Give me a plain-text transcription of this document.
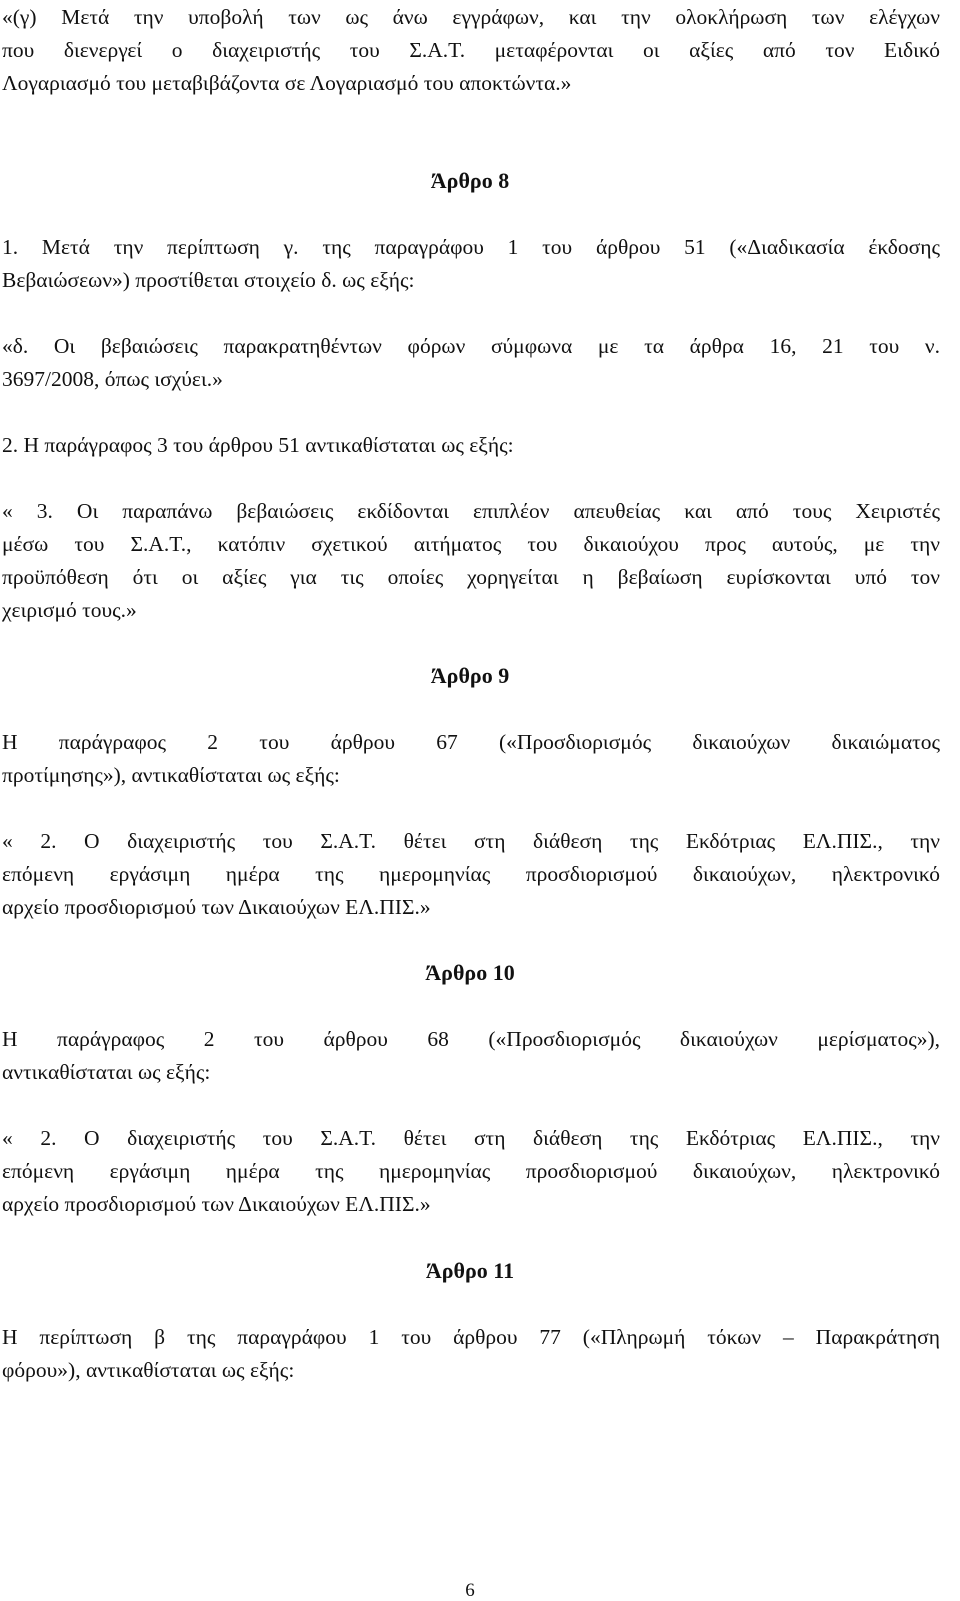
«(γ) Μετά την υποβολή των ως άνω εγγράφων, και την ολοκλήρωση των ελέγχων

που διενεργεί ο διαχειριστής του Σ.Α.Τ. μεταφέρονται οι αξίες από τον Ειδικό

Λογαριασμό του μεταβιβάζοντα σε Λογαριασμό του αποκτώντα.»

Άρθρο 8

1. Μετά την περίπτωση γ. της παραγράφου 1 του άρθρου 51 («Διαδικασία έκδοσης

Βεβαιώσεων») προστίθεται στοιχείο δ. ως εξής:

«δ. Οι βεβαιώσεις παρακρατηθέντων φόρων σύμφωνα με τα άρθρα 16, 21 του ν.

3697/2008, όπως ισχύει.»

2. Η παράγραφος 3 του άρθρου 51 αντικαθίσταται ως εξής:

« 3. Οι παραπάνω βεβαιώσεις εκδίδονται επιπλέον απευθείας και από τους Χειριστές

μέσω του Σ.Α.Τ., κατόπιν σχετικού αιτήματος του δικαιούχου προς αυτούς, με την

προϋπόθεση ότι οι αξίες για τις οποίες χορηγείται η βεβαίωση ευρίσκονται υπό τον

χειρισμό τους.»

Άρθρο 9

Η παράγραφος 2 του άρθρου 67 («Προσδιορισμός δικαιούχων δικαιώματος

προτίμησης»), αντικαθίσταται ως εξής:

« 2. Ο διαχειριστής του Σ.Α.Τ. θέτει στη διάθεση της Εκδότριας ΕΛ.ΠΙΣ., την

επόμενη εργάσιμη ημέρα της ημερομηνίας προσδιορισμού δικαιούχων, ηλεκτρονικό

αρχείο προσδιορισμού των Δικαιούχων ΕΛ.ΠΙΣ.»

Άρθρο 10

Η παράγραφος 2 του άρθρου 68 («Προσδιορισμός δικαιούχων μερίσματος»),

αντικαθίσταται ως εξής:

« 2. Ο διαχειριστής του Σ.Α.Τ. θέτει στη διάθεση της Εκδότριας ΕΛ.ΠΙΣ., την

επόμενη εργάσιμη ημέρα της ημερομηνίας προσδιορισμού δικαιούχων, ηλεκτρονικό

αρχείο προσδιορισμού των Δικαιούχων ΕΛ.ΠΙΣ.»

Άρθρο 11

Η περίπτωση β της παραγράφου 1 του άρθρου 77 («Πληρωμή τόκων – Παρακράτηση

φόρου»), αντικαθίσταται ως εξής:

6
